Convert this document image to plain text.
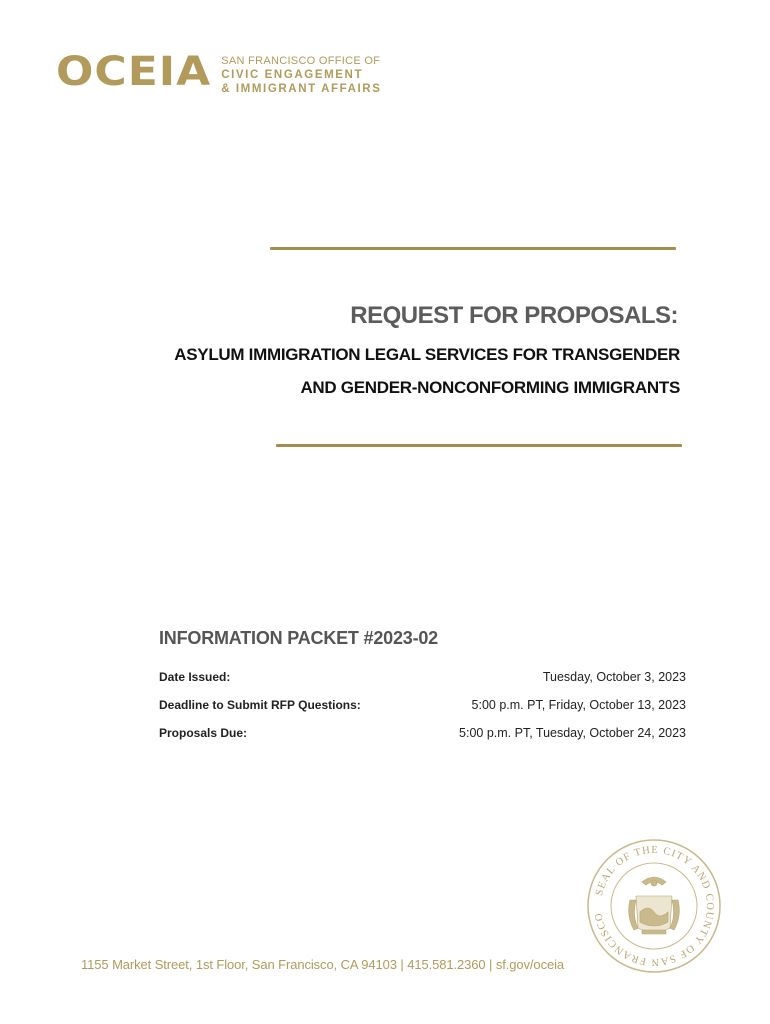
OCEIA SAN FRANCISCO OFFICE OF
CIVIC ENGAGEMENT
& IMMIGRANT AFFAIRS
REQUEST FOR PROPOSALS:
ASYLUM IMMIGRATION LEGAL SERVICES FOR TRANSGENDER
AND GENDER-NONCONFORMING IMMIGRANTS
INFORMATION PACKET #2023-02
Date Issued:	Tuesday, October 3, 2023
Deadline to Submit RFP Questions:	5:00 p.m. PT, Friday, October 13, 2023
Proposals Due:	5:00 p.m. PT, Tuesday, October 24, 2023
SEAL OF THE CITY AND COUNTY OF SAN FRANCISCO
1155 Market Street, 1st Floor, San Francisco, CA 94103 | 415.581.2360 | sf.gov/oceia
